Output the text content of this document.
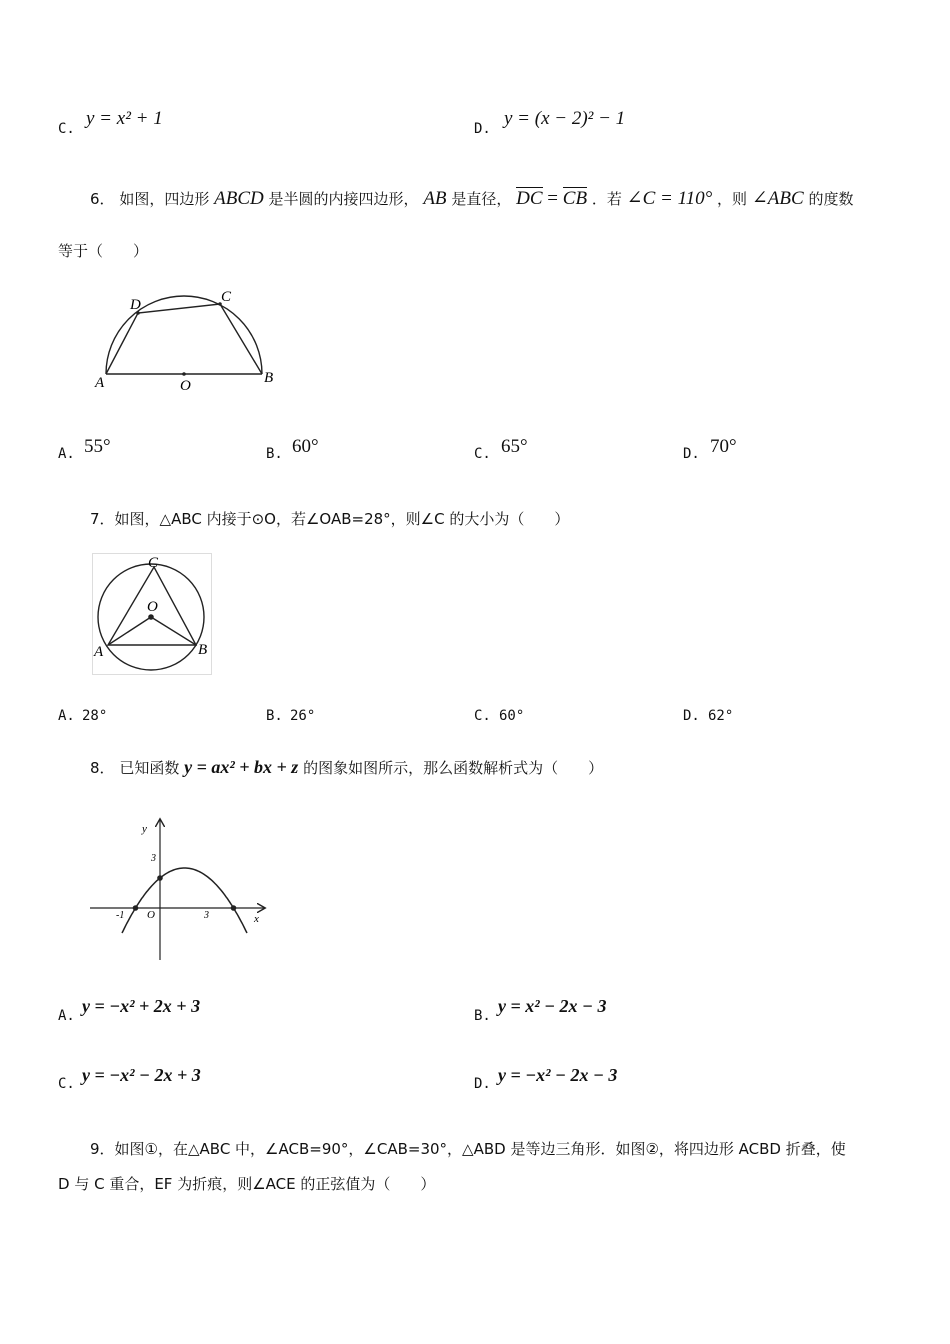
C. y = x² + 1	D. y = (x − 2)² − 1
6． 如图，四边形 ABCD 是半圆的内接四边形， AB 是直径， DC = CB ．若 ∠C = 110° ，则 ∠ABC 的度数
等于（　　）
A	O	B
C
D
A. 55°	B. 60°	C. 65°	D. 70°
7．如图，△ABC 内接于⊙O，若∠OAB=28°，则∠C 的大小为（　　）
C
O
A	B
A. 28°	B. 26°	C. 60°	D. 62°
8． 已知函数 y = ax² + bx + z 的图象如图所示，那么函数解析式为（　　）
y
x
O
-1	3
3
A. y = −x² + 2x + 3	B. y = x² − 2x − 3
C. y = −x² − 2x + 3	D. y = −x² − 2x − 3
9．如图①，在△ABC 中，∠ACB=90°，∠CAB=30°，△ABD 是等边三角形．如图②，将四边形 ACBD 折叠，使
D 与 C 重合，EF 为折痕，则∠ACE 的正弦值为（　　）
